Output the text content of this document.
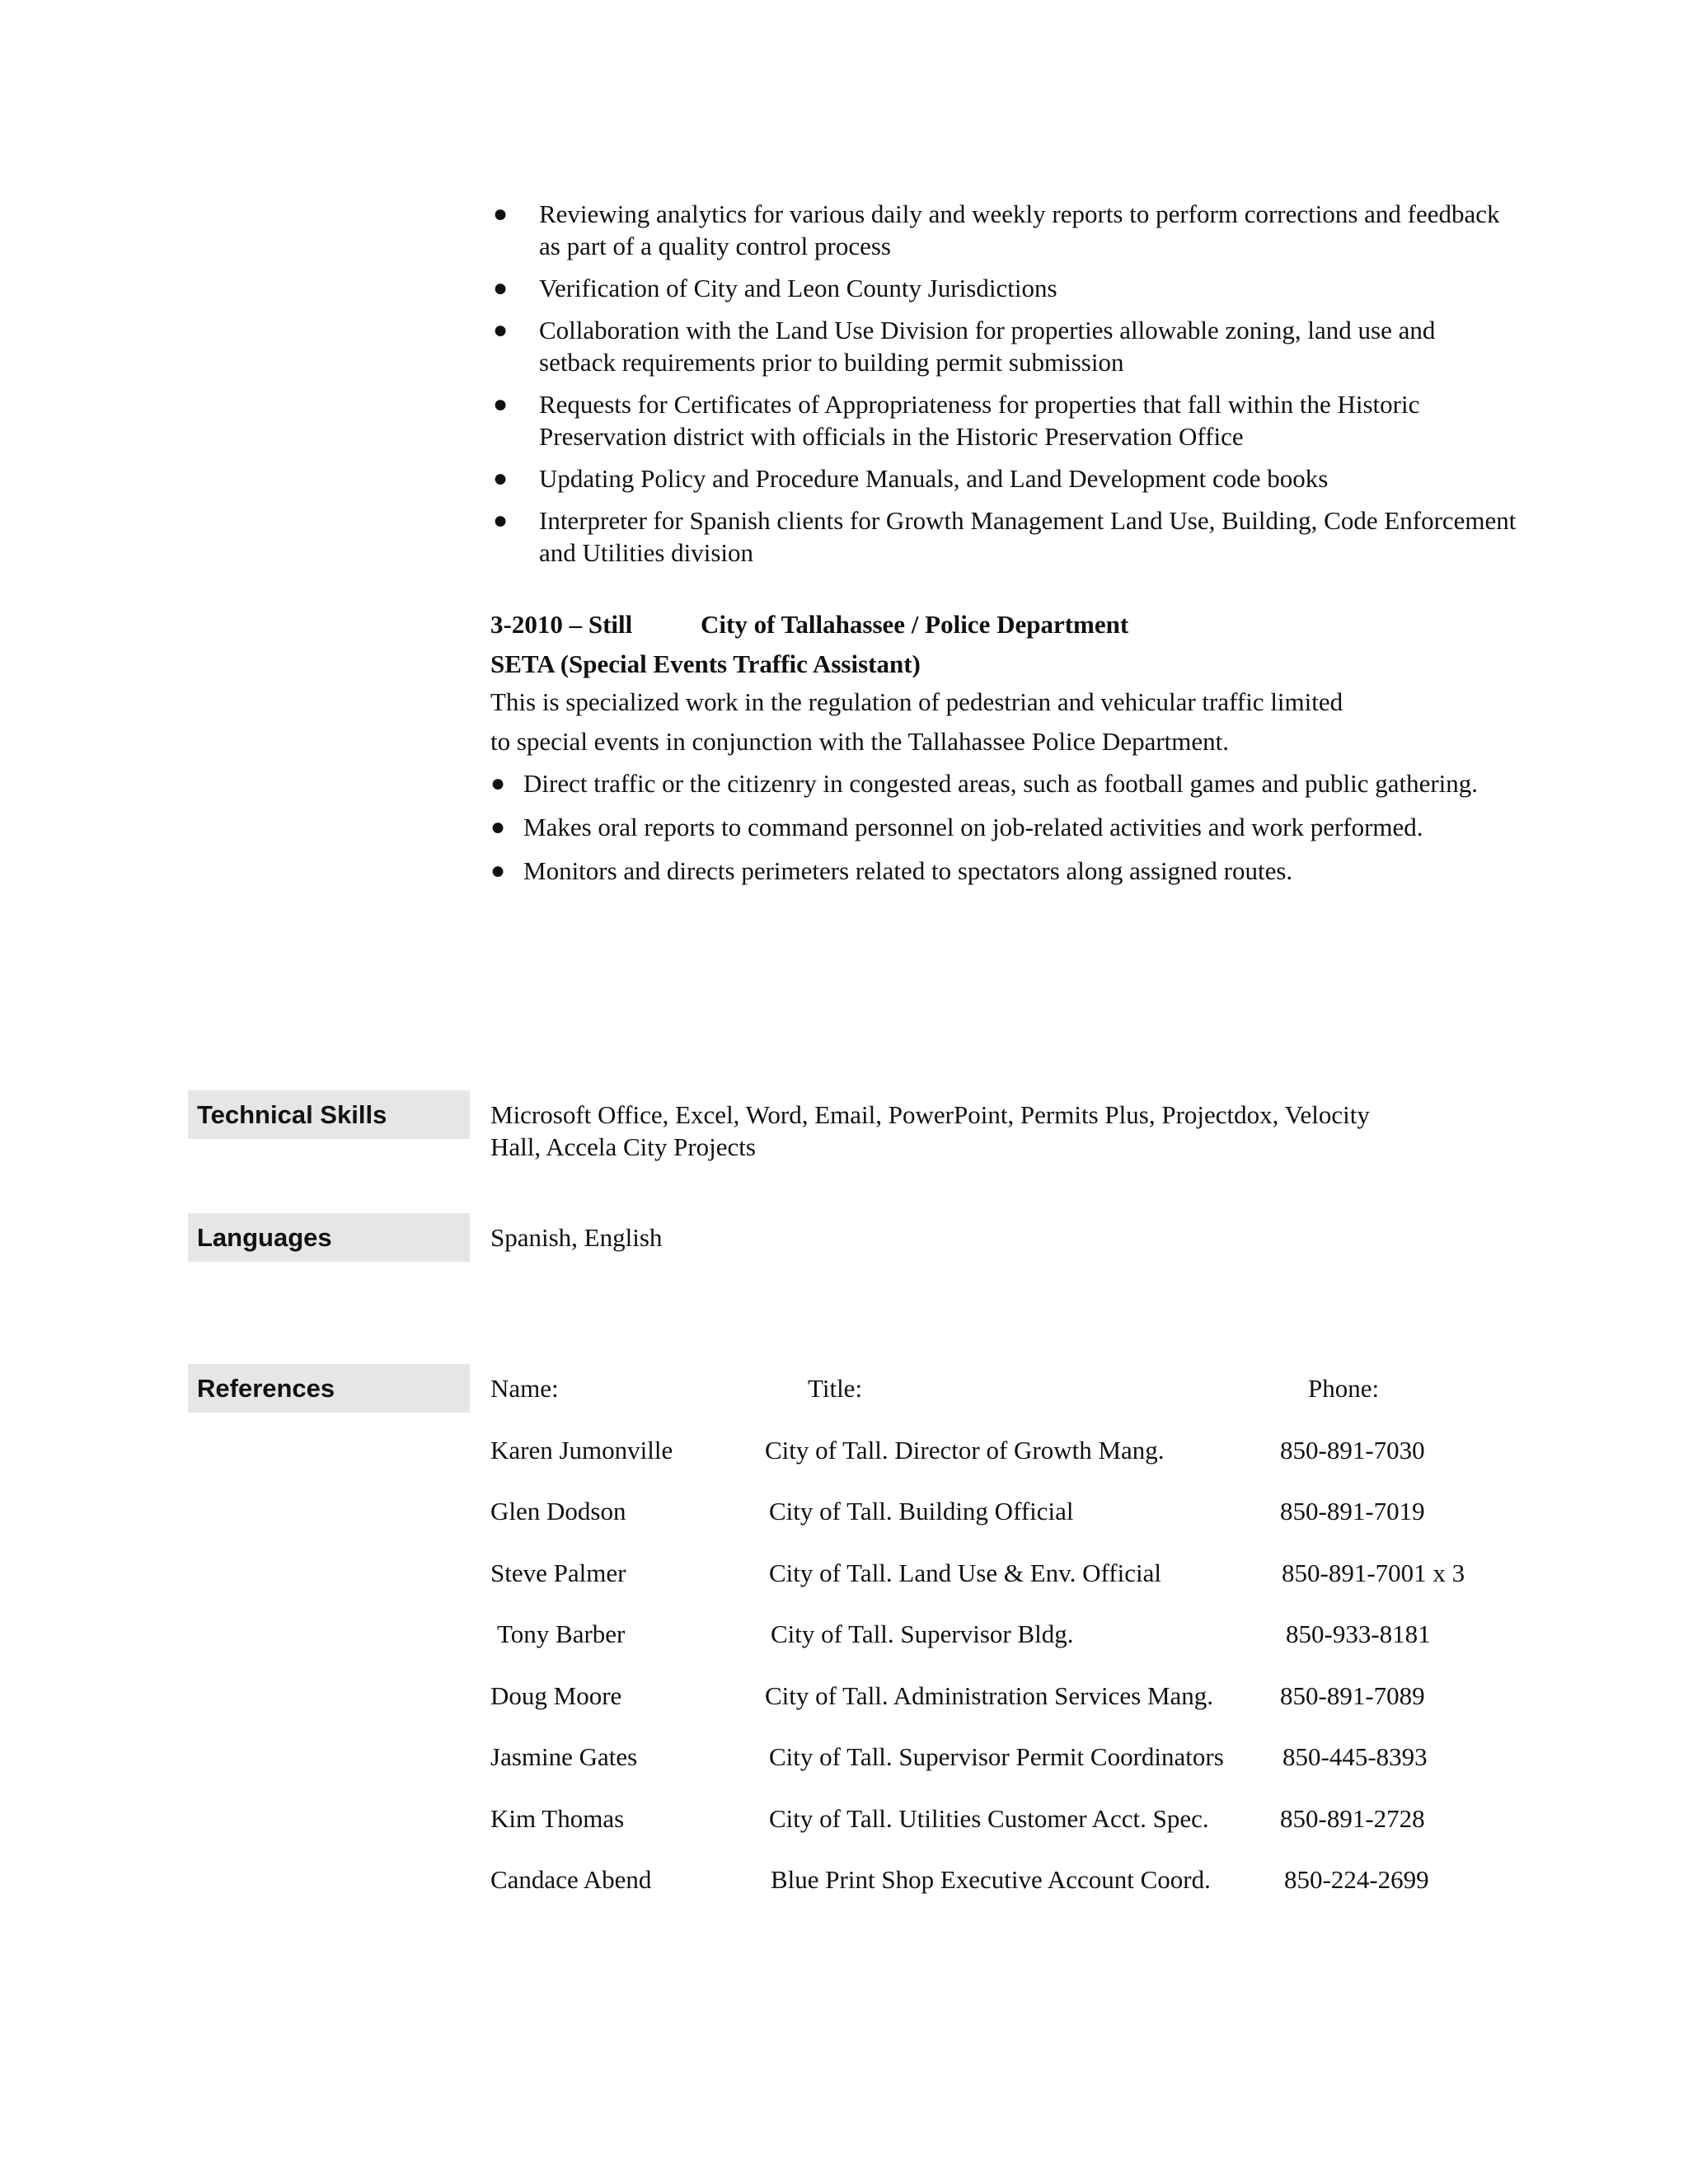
● Reviewing analytics for various daily and weekly reports to perform corrections and feedback as part of a quality control process
● Verification of City and Leon County Jurisdictions
● Collaboration with the Land Use Division for properties allowable zoning, land use and setback requirements prior to building permit submission
● Requests for Certificates of Appropriateness for properties that fall within the Historic Preservation district with officials in the Historic Preservation Office
● Updating Policy and Procedure Manuals, and Land Development code books
● Interpreter for Spanish clients for Growth Management Land Use, Building, Code Enforcement and Utilities division
3-2010 – Still	City of Tallahassee / Police Department
SETA (Special Events Traffic Assistant)
This is specialized work in the regulation of pedestrian and vehicular traffic limited
to special events in conjunction with the Tallahassee Police Department.
● Direct traffic or the citizenry in congested areas, such as football games and public gathering.
● Makes oral reports to command personnel on job-related activities and work performed.
● Monitors and directs perimeters related to spectators along assigned routes.
Technical Skills	Microsoft Office, Excel, Word, Email, PowerPoint, Permits Plus, Projectdox, Velocity
Hall, Accela City Projects
Languages	Spanish, English
References	Name:	Title:	Phone:
Karen Jumonville	City of Tall. Director of Growth Mang.	850-891-7030
Glen Dodson	City of Tall. Building Official	850-891-7019
Steve Palmer	City of Tall. Land Use & Env. Official	850-891-7001 x 3
Tony Barber	City of Tall. Supervisor Bldg.	850-933-8181
Doug Moore	City of Tall. Administration Services Mang.	850-891-7089
Jasmine Gates	City of Tall. Supervisor Permit Coordinators 850-445-8393
Kim Thomas	City of Tall. Utilities Customer Acct. Spec.	850-891-2728
Candace Abend	Blue Print Shop Executive Account Coord.	850-224-2699
